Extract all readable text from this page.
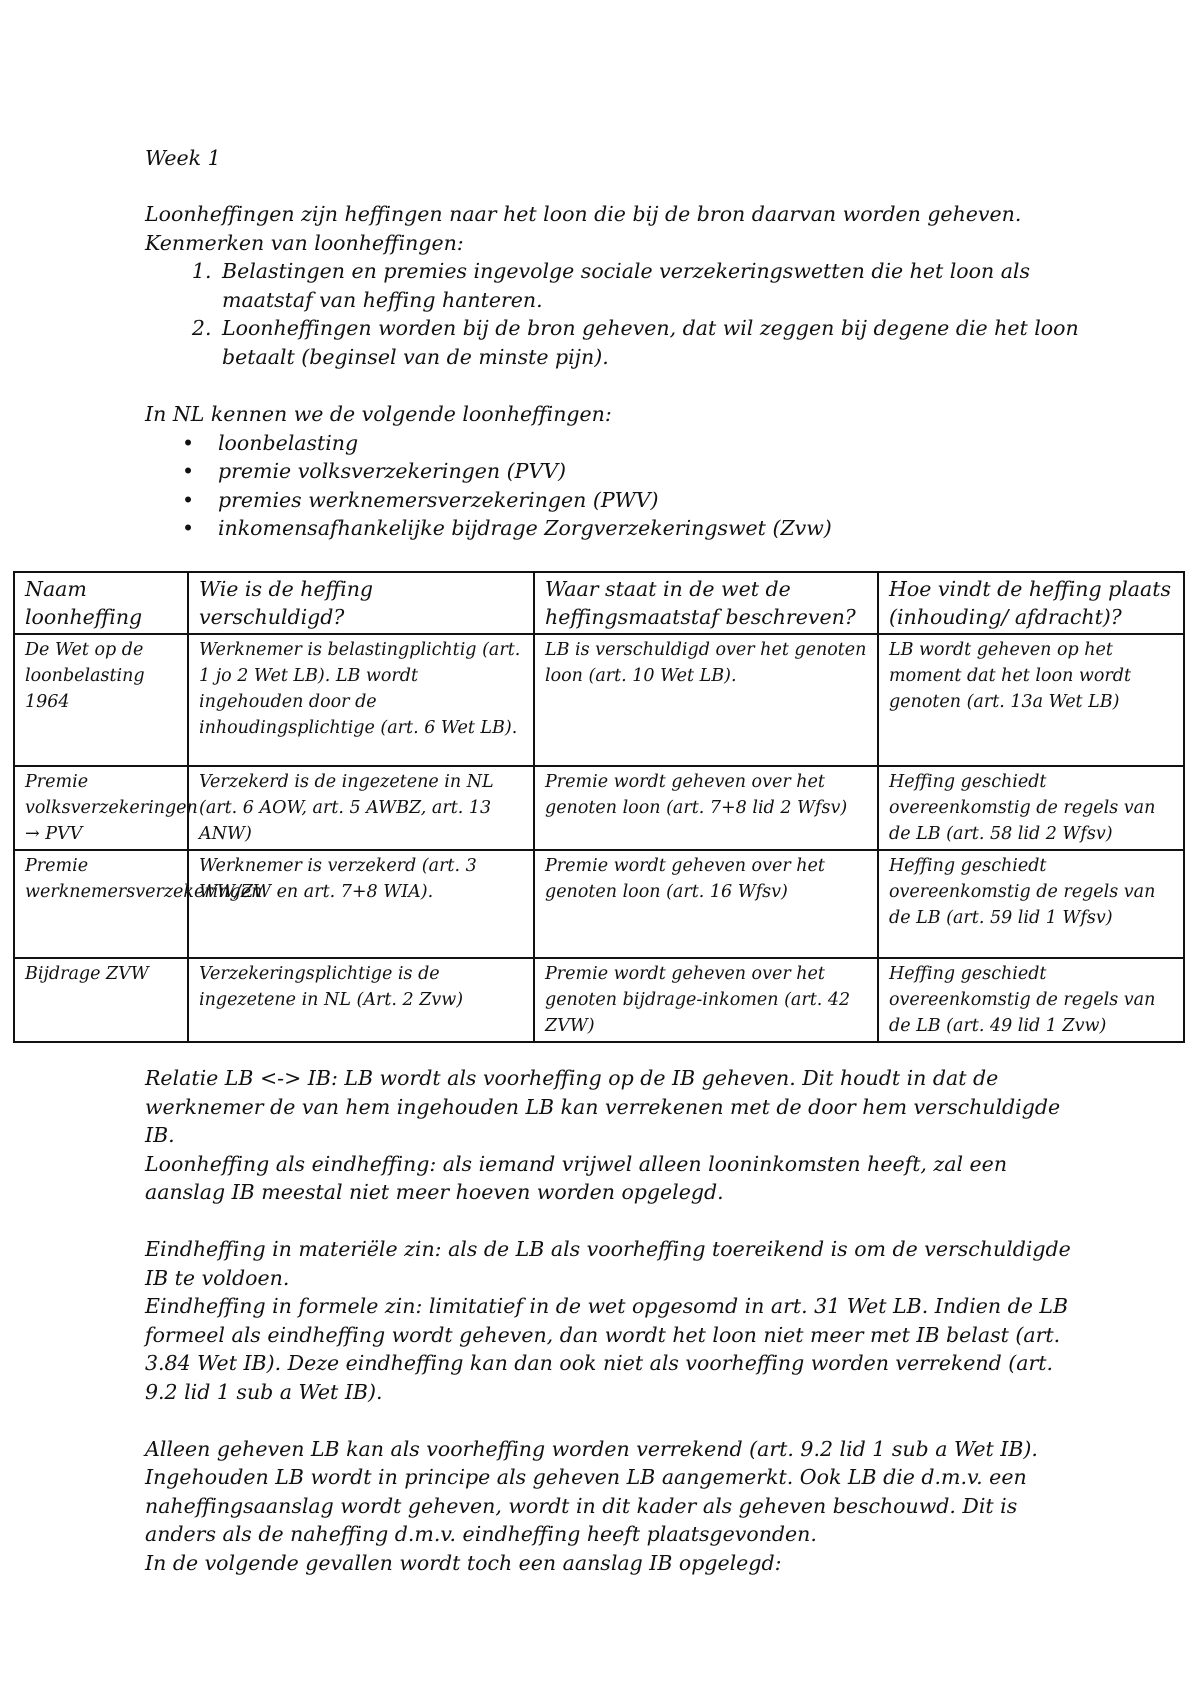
Week 1

Loonheffingen zijn heffingen naar het loon die bij de bron daarvan worden geheven.

Kenmerken van loonheffingen:

1. Belastingen en premies ingevolge sociale verzekeringswetten die het loon als maatstaf van heffing hanteren.
2. Loonheffingen worden bij de bron geheven, dat wil zeggen bij degene die het loon betaalt (beginsel van de minste pijn).

In NL kennen we de volgende loonheffingen:

• loonbelasting
• premie volksverzekeringen (PVV)
• premies werknemersverzekeringen (PWV)
• inkomensafhankelijke bijdrage Zorgverzekeringswet (Zvw)
Naam loonheffing	Wie is de heffing verschuldigd?	Waar staat in de wet de heffingsmaatstaf beschreven?	Hoe vindt de heffing plaats (inhouding/ afdracht)?
De Wet op de loonbelasting 1964	Werknemer is belastingplichtig (art. 1 jo 2 Wet LB). LB wordt ingehouden door de inhoudingsplichtige (art. 6 Wet LB).	LB is verschuldigd over het genoten loon (art. 10 Wet LB).	LB wordt geheven op het moment dat het loon wordt genoten (art. 13a Wet LB)
Premie volksverzekeringen → PVV	Verzekerd is de ingezetene in NL (art. 6 AOW, art. 5 AWBZ, art. 13 ANW)	Premie wordt geheven over het genoten loon (art. 7+8 lid 2 Wfsv)	Heffing geschiedt overeenkomstig de regels van de LB (art. 58 lid 2 Wfsv)
Premie werknemersverzekeringen	Werknemer is verzekerd (art. 3 WW/ZW en art. 7+8 WIA).	Premie wordt geheven over het genoten loon (art. 16 Wfsv)	Heffing geschiedt overeenkomstig de regels van de LB (art. 59 lid 1 Wfsv)
Bijdrage ZVW	Verzekeringsplichtige is de ingezetene in NL (Art. 2 Zvw)	Premie wordt geheven over het genoten bijdrage-inkomen (art. 42 ZVW)	Heffing geschiedt overeenkomstig de regels van de LB (art. 49 lid 1 Zvw)

Relatie LB <-> IB: LB wordt als voorheffing op de IB geheven. Dit houdt in dat de werknemer de van hem ingehouden LB kan verrekenen met de door hem verschuldigde IB.

Loonheffing als eindheffing: als iemand vrijwel alleen looninkomsten heeft, zal een aanslag IB meestal niet meer hoeven worden opgelegd.

Eindheffing in materiële zin: als de LB als voorheffing toereikend is om de verschuldigde IB te voldoen.

Eindheffing in formele zin: limitatief in de wet opgesomd in art. 31 Wet LB. Indien de LB formeel als eindheffing wordt geheven, dan wordt het loon niet meer met IB belast (art. 3.84 Wet IB). Deze eindheffing kan dan ook niet als voorheffing worden verrekend (art. 9.2 lid 1 sub a Wet IB).

Alleen geheven LB kan als voorheffing worden verrekend (art. 9.2 lid 1 sub a Wet IB). Ingehouden LB wordt in principe als geheven LB aangemerkt. Ook LB die d.m.v. een naheffingsaanslag wordt geheven, wordt in dit kader als geheven beschouwd. Dit is anders als de naheffing d.m.v. eindheffing heeft plaatsgevonden.

In de volgende gevallen wordt toch een aanslag IB opgelegd:
